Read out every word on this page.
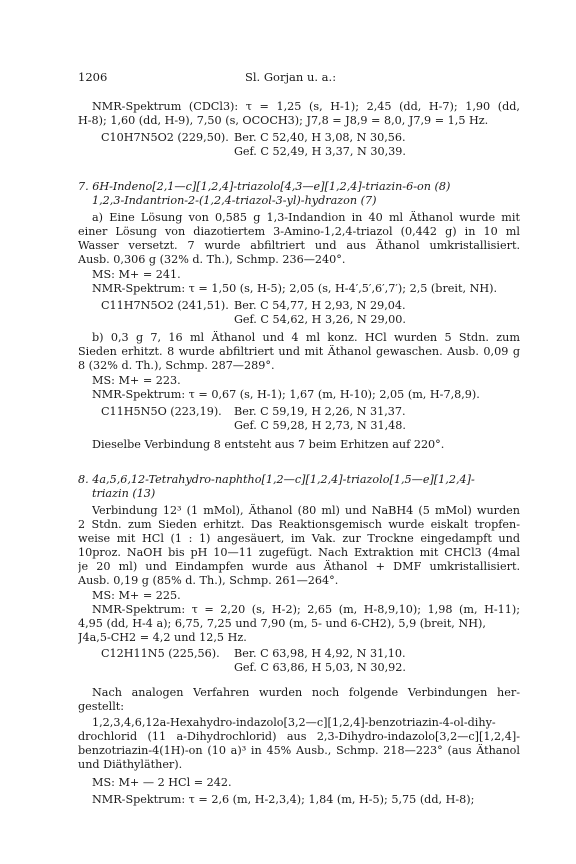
1206	Sl. Gorjan u. a.:
NMR-Spektrum (CDCl3): τ = 1,25 (s, H-1); 2,45 (dd, H-7); 1,90 (dd,
H-8); 1,60 (dd, H-9), 7,50 (s, OCOCH3); J7,8 = J8,9 = 8,0, J7,9 = 1,5 Hz.
C10H7N5O2 (229,50). Ber. C 52,40, H 3,08, N 30,56.
Gef. C 52,49, H 3,37, N 30,39.
7. 6H-Indeno[2,1—c][1,2,4]-triazolo[4,3—e][1,2,4]-triazin-6-on (8)
1,2,3-Indantrion-2-(1,2,4-triazol-3-yl)-hydrazon (7)
a) Eine Lösung von 0,585 g 1,3-Indandion in 40 ml Äthanol wurde mit
einer Lösung von diazotiertem 3-Amino-1,2,4-triazol (0,442 g) in 10 ml
Wasser versetzt. 7 wurde abfiltriert und aus Äthanol umkristallisiert.
Ausb. 0,306 g (32% d. Th.), Schmp. 236—240°.
MS: M+ = 241.
NMR-Spektrum: τ = 1,50 (s, H-5); 2,05 (s, H-4′,5′,6′,7′); 2,5 (breit, NH).
C11H7N5O2 (241,51). Ber. C 54,77, H 2,93, N 29,04.
Gef. C 54,62, H 3,26, N 29,00.
b) 0,3 g 7, 16 ml Äthanol und 4 ml konz. HCl wurden 5 Stdn. zum
Sieden erhitzt. 8 wurde abfiltriert und mit Äthanol gewaschen. Ausb. 0,09 g
8 (32% d. Th.), Schmp. 287—289°.
MS: M+ = 223.
NMR-Spektrum: τ = 0,67 (s, H-1); 1,67 (m, H-10); 2,05 (m, H-7,8,9).
C11H5N5O (223,19). Ber. C 59,19, H 2,26, N 31,37.
Gef. C 59,28, H 2,73, N 31,48.
Dieselbe Verbindung 8 entsteht aus 7 beim Erhitzen auf 220°.
8. 4a,5,6,12-Tetrahydro-naphtho[1,2—c][1,2,4]-triazolo[1,5—e][1,2,4]-
triazin (13)
Verbindung 12³ (1 mMol), Äthanol (80 ml) und NaBH4 (5 mMol) wurden
2 Stdn. zum Sieden erhitzt. Das Reaktionsgemisch wurde eiskalt tropfen-
weise mit HCl (1 : 1) angesäuert, im Vak. zur Trockne eingedampft und
10proz. NaOH bis pH 10—11 zugefügt. Nach Extraktion mit CHCl3 (4mal
je 20 ml) und Eindampfen wurde aus Äthanol + DMF umkristallisiert.
Ausb. 0,19 g (85% d. Th.), Schmp. 261—264°.
MS: M+ = 225.
NMR-Spektrum: τ = 2,20 (s, H-2); 2,65 (m, H-8,9,10); 1,98 (m, H-11);
4,95 (dd, H-4 a); 6,75, 7,25 und 7,90 (m, 5- und 6-CH2), 5,9 (breit, NH),
J4a,5-CH2 = 4,2 und 12,5 Hz.
C12H11N5 (225,56). Ber. C 63,98, H 4,92, N 31,10.
Gef. C 63,86, H 5,03, N 30,92.
Nach analogen Verfahren wurden noch folgende Verbindungen her-
gestellt:
1,2,3,4,6,12a-Hexahydro-indazolo[3,2—c][1,2,4]-benzotriazin-4-ol-dihy-
drochlorid (11 a-Dihydrochlorid) aus 2,3-Dihydro-indazolo[3,2—c][1,2,4]-
benzotriazin-4(1H)-on (10 a)³ in 45% Ausb., Schmp. 218—223° (aus Äthanol
und Diäthyläther).
MS: M+ — 2 HCl = 242.
NMR-Spektrum: τ = 2,6 (m, H-2,3,4); 1,84 (m, H-5); 5,75 (dd, H-8);
